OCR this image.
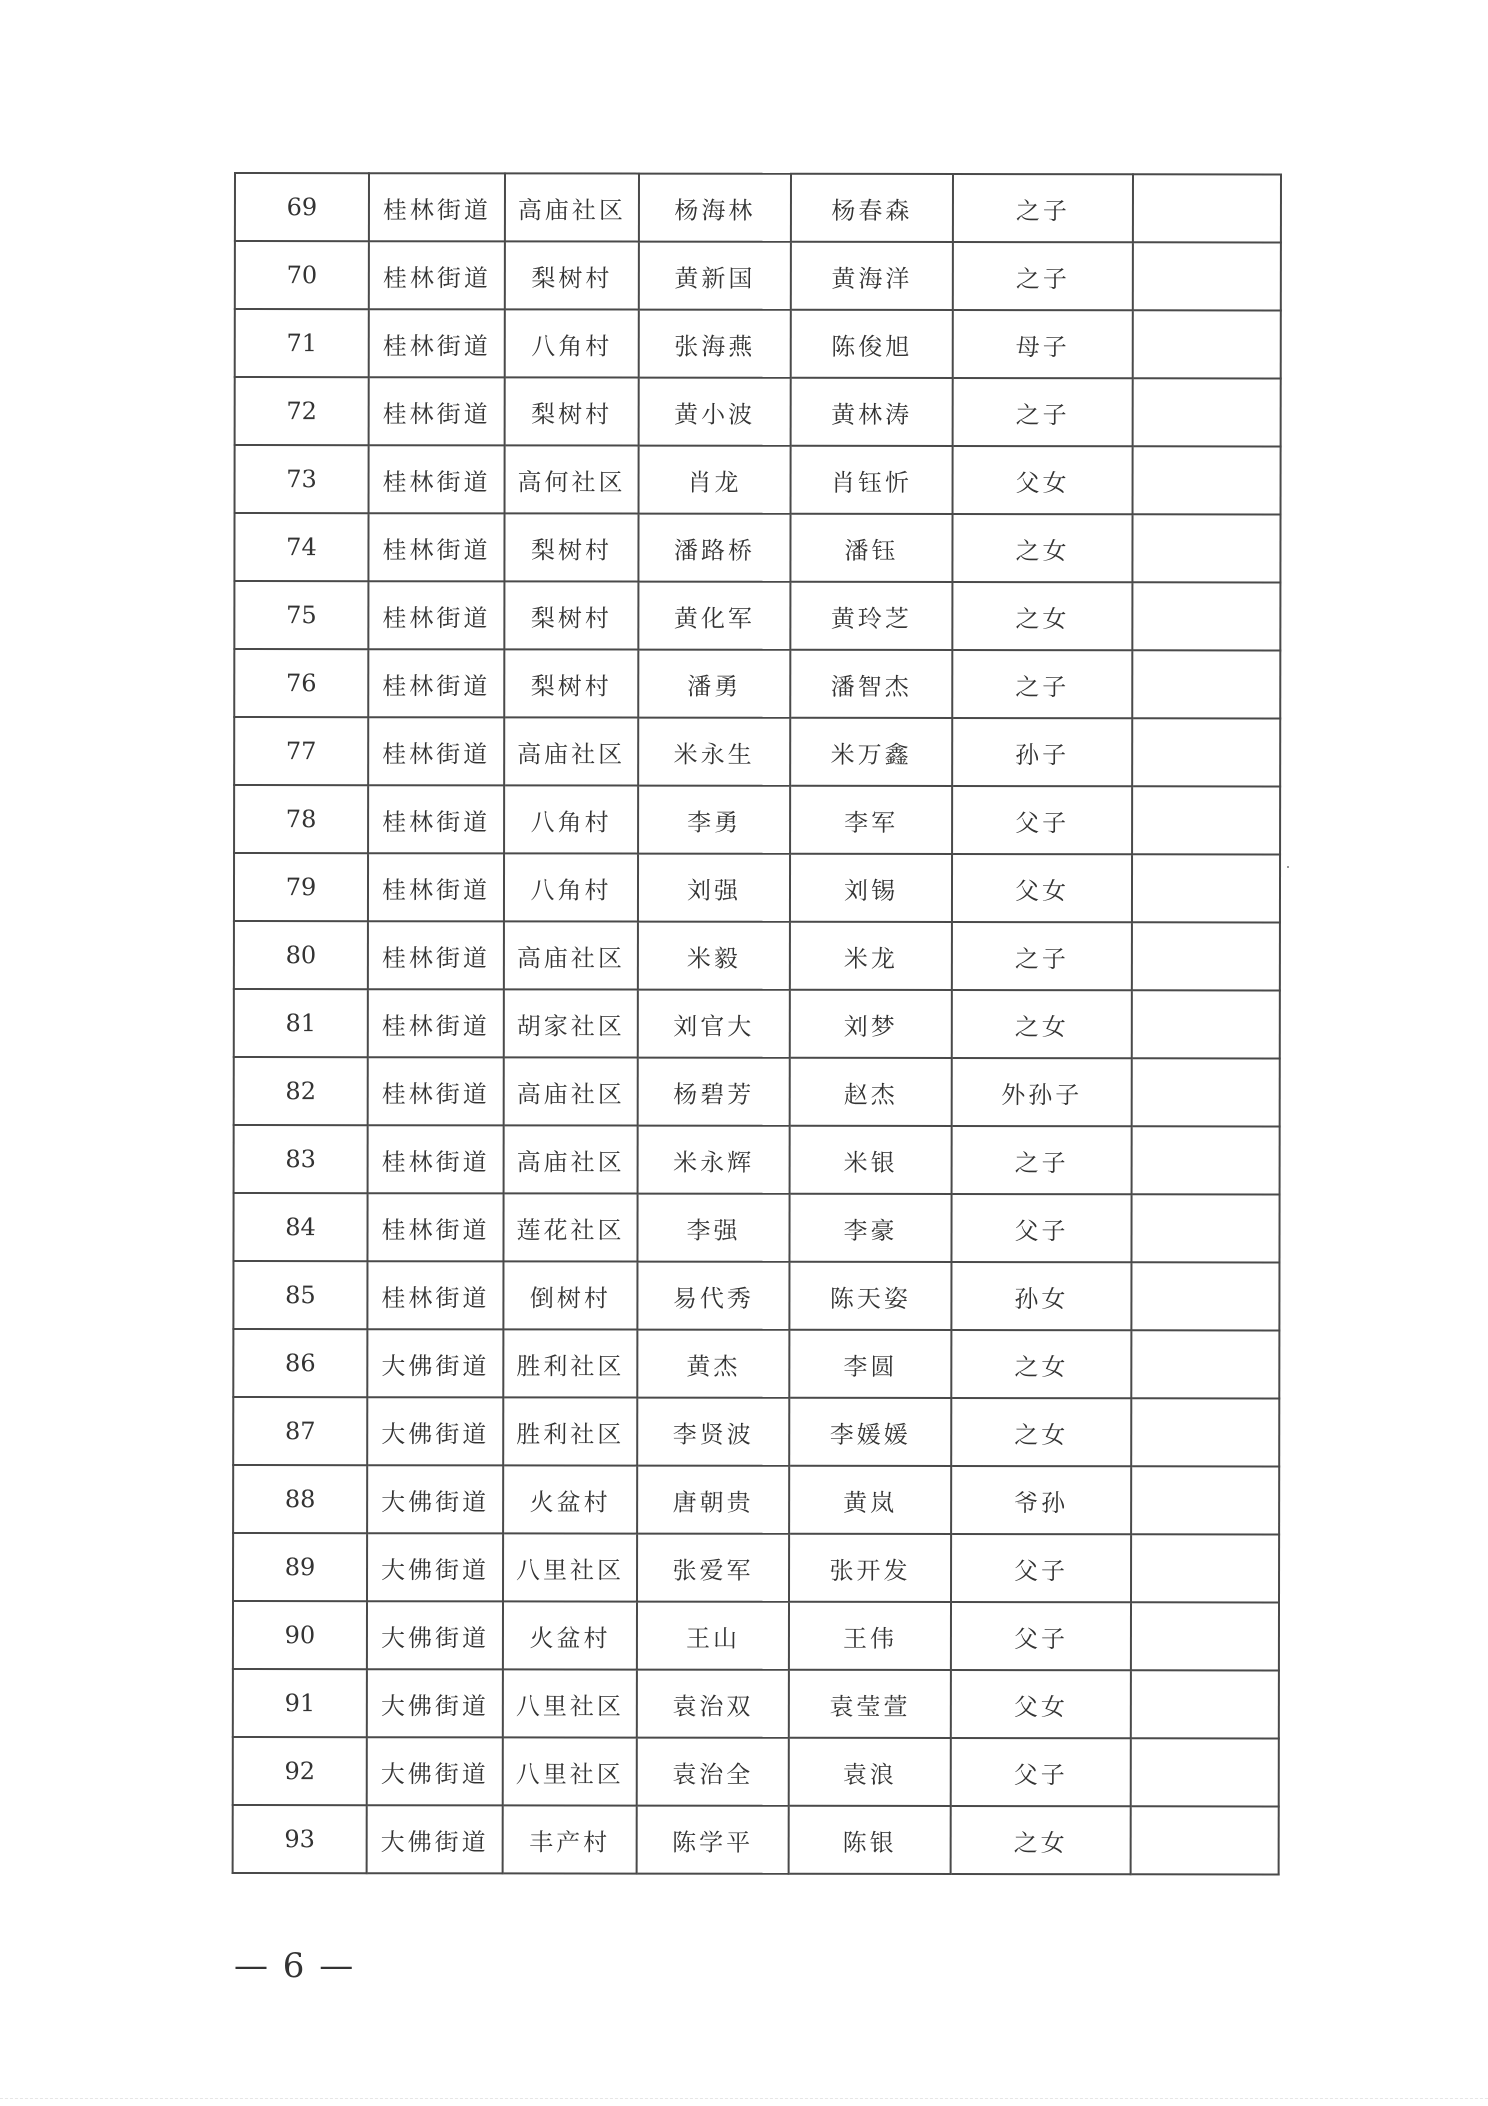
69	桂林街道	高庙社区	杨海林	杨春森	之子	
70	桂林街道	梨树村	黄新国	黄海洋	之子	
71	桂林街道	八角村	张海燕	陈俊旭	母子	
72	桂林街道	梨树村	黄小波	黄林涛	之子	
73	桂林街道	高何社区	肖龙	肖钰忻	父女	
74	桂林街道	梨树村	潘路桥	潘钰	之女	
75	桂林街道	梨树村	黄化军	黄玲芝	之女	
76	桂林街道	梨树村	潘勇	潘智杰	之子	
77	桂林街道	高庙社区	米永生	米万鑫	孙子	
78	桂林街道	八角村	李勇	李军	父子	
79	桂林街道	八角村	刘强	刘锡	父女	
80	桂林街道	高庙社区	米毅	米龙	之子	
81	桂林街道	胡家社区	刘官大	刘梦	之女	
82	桂林街道	高庙社区	杨碧芳	赵杰	外孙子	
83	桂林街道	高庙社区	米永辉	米银	之子	
84	桂林街道	莲花社区	李强	李豪	父子	
85	桂林街道	倒树村	易代秀	陈天姿	孙女	
86	大佛街道	胜利社区	黄杰	李圆	之女	
87	大佛街道	胜利社区	李贤波	李媛媛	之女	
88	大佛街道	火盆村	唐朝贵	黄岚	爷孙	
89	大佛街道	八里社区	张爱军	张开发	父子	
90	大佛街道	火盆村	王山	王伟	父子	
91	大佛街道	八里社区	袁治双	袁莹萱	父女	
92	大佛街道	八里社区	袁治全	袁浪	父子	
93	大佛街道	丰产村	陈学平	陈银	之女	
— 6 —
